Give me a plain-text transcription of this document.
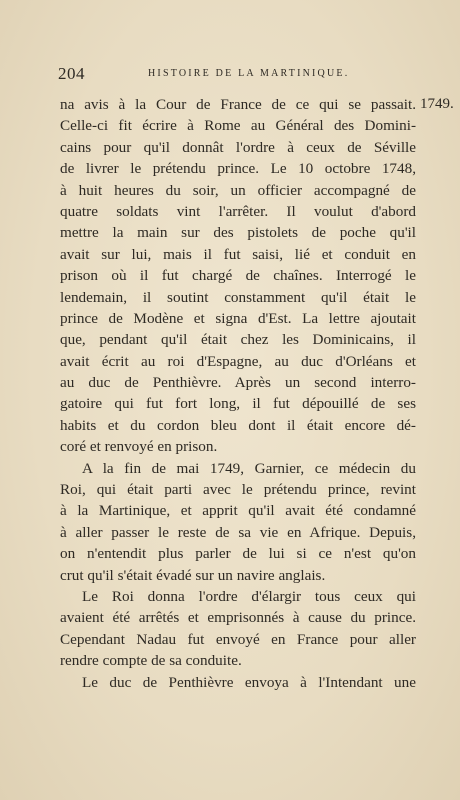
204	HISTOIRE DE LA MARTINIQUE.
1749.

na avis à la Cour de France de ce qui se passait.
Celle-ci fit écrire à Rome au Général des Domini-
cains pour qu'il donnât l'ordre à ceux de Séville
de livrer le prétendu prince. Le 10 octobre 1748,
à huit heures du soir, un officier accompagné de
quatre soldats vint l'arrêter. Il voulut d'abord
mettre la main sur des pistolets de poche qu'il
avait sur lui, mais il fut saisi, lié et conduit en
prison où il fut chargé de chaînes. Interrogé le
lendemain, il soutint constamment qu'il était le
prince de Modène et signa d'Est. La lettre ajoutait
que, pendant qu'il était chez les Dominicains, il
avait écrit au roi d'Espagne, au duc d'Orléans et
au duc de Penthièvre. Après un second interro-
gatoire qui fut fort long, il fut dépouillé de ses
habits et du cordon bleu dont il était encore dé-
coré et renvoyé en prison.

A la fin de mai 1749, Garnier, ce médecin du
Roi, qui était parti avec le prétendu prince, revint
à la Martinique, et apprit qu'il avait été condamné
à aller passer le reste de sa vie en Afrique. Depuis,
on n'entendit plus parler de lui si ce n'est qu'on
crut qu'il s'était évadé sur un navire anglais.

Le Roi donna l'ordre d'élargir tous ceux qui
avaient été arrêtés et emprisonnés à cause du prince.
Cependant Nadau fut envoyé en France pour aller
rendre compte de sa conduite.

Le duc de Penthièvre envoya à l'Intendant une
